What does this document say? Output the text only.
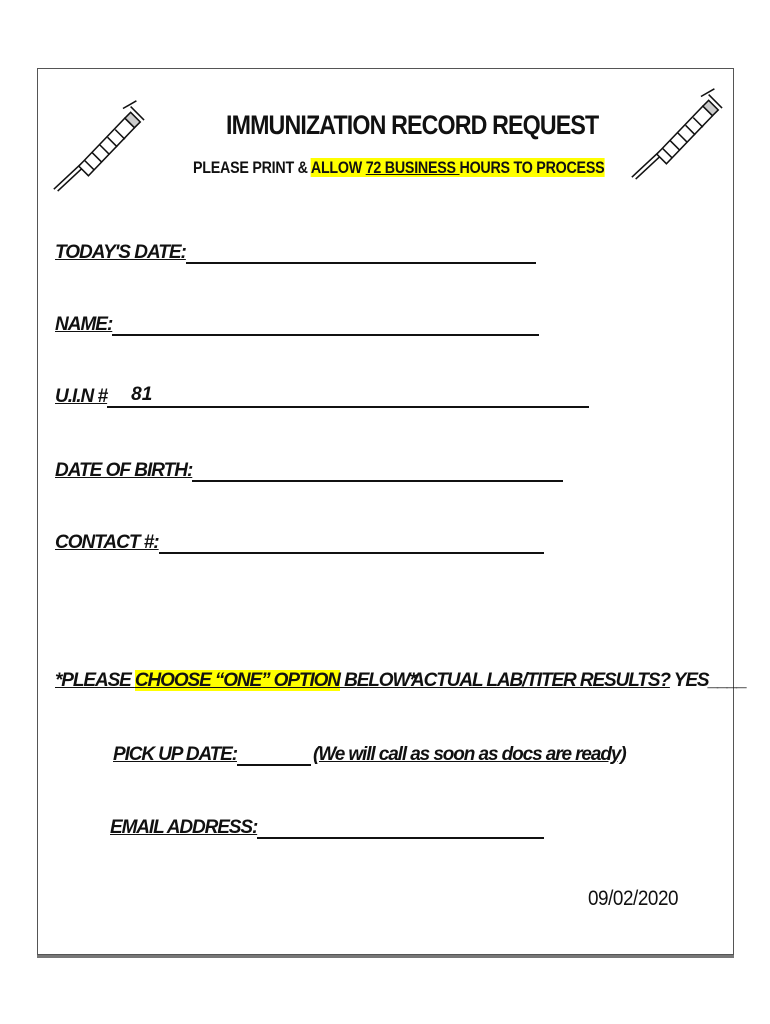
IMMUNIZATION RECORD REQUEST
PLEASE PRINT & ALLOW 72 BUSINESS HOURS TO PROCESS
TODAY'S DATE:
NAME:
U.I.N # 81
DATE OF BIRTH:
CONTACT #:
*PLEASE CHOOSE “ONE” OPTION BELOW*
ACTUAL LAB/TITER RESULTS? YES____
PICK UP DATE:	(We will call as soon as docs are ready)
EMAIL ADDRESS:
09/02/2020
